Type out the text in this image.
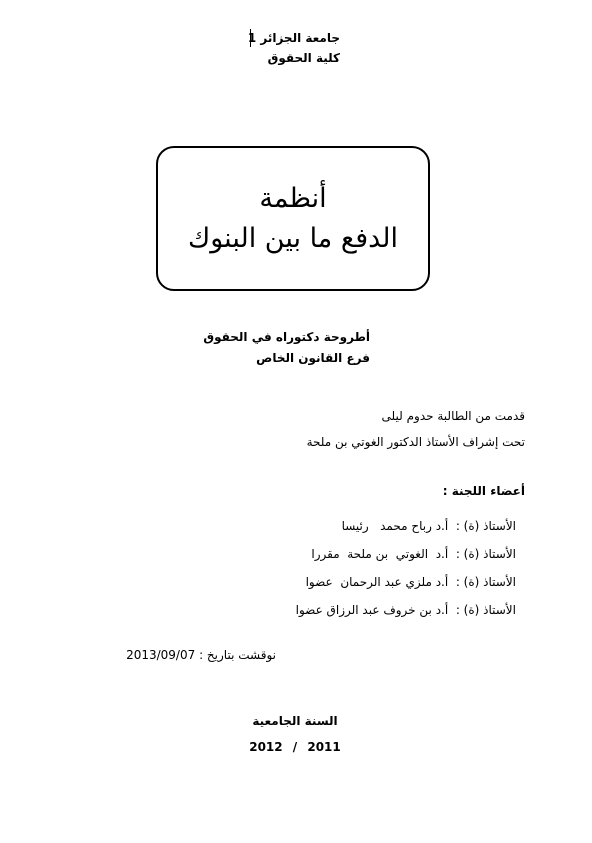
جامعة الجزائر 1
كلية الحقوق
أنظمة
الدفع ما بين البنوك
أطروحة دكتوراه في الحقوق
فرع القانون الخاص
قدمت من الطالبة حدوم ليلى
تحت إشراف الأستاذ الدكتور الغوتي بن ملحة
أعضاء اللجنة :
الأستاذ (ة) :  أ.د رباح محمد   رئيسا
الأستاذ (ة) :  أ.د  الغوتي  بن ملحة  مقررا
الأستاذ (ة) :  أ.د ملزي عبد الرحمان  عضوا
الأستاذ (ة) :  أ.د بن خروف عبد الرزاق عضوا
نوقشت بتاريخ : 2013/09/07
السنة الجامعية
2012 / 2011
